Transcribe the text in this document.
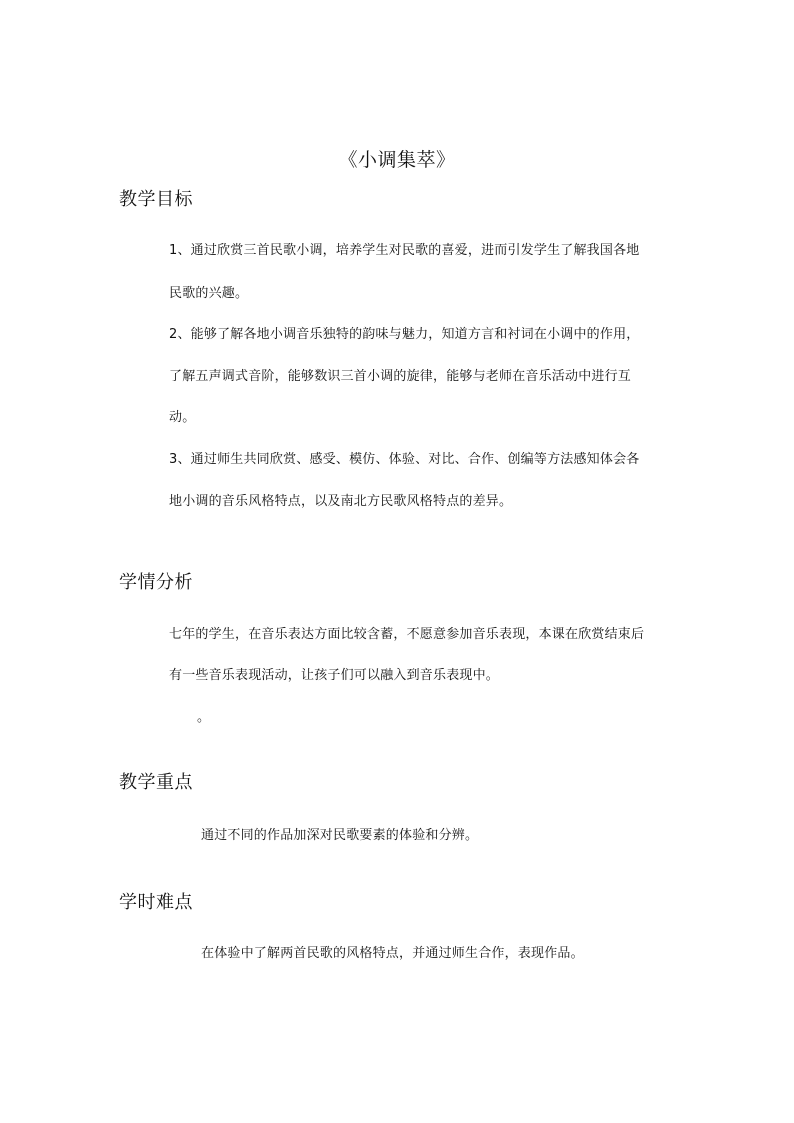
《小调集萃》
教学目标
1、通过欣赏三首民歌小调，培养学生对民歌的喜爱，进而引发学生了解我国各地
民歌的兴趣。
2、能够了解各地小调音乐独特的韵味与魅力，知道方言和衬词在小调中的作用，
了解五声调式音阶，能够数识三首小调的旋律，能够与老师在音乐活动中进行互
动。
3、通过师生共同欣赏、感受、模仿、体验、对比、合作、创编等方法感知体会各
地小调的音乐风格特点，以及南北方民歌风格特点的差异。
学情分析
七年的学生，在音乐表达方面比较含蓄，不愿意参加音乐表现，本课在欣赏结束后
有一些音乐表现活动，让孩子们可以融入到音乐表现中。
。
教学重点
通过不同的作品加深对民歌要素的体验和分辨。
学时难点
在体验中了解两首民歌的风格特点，并通过师生合作，表现作品。
